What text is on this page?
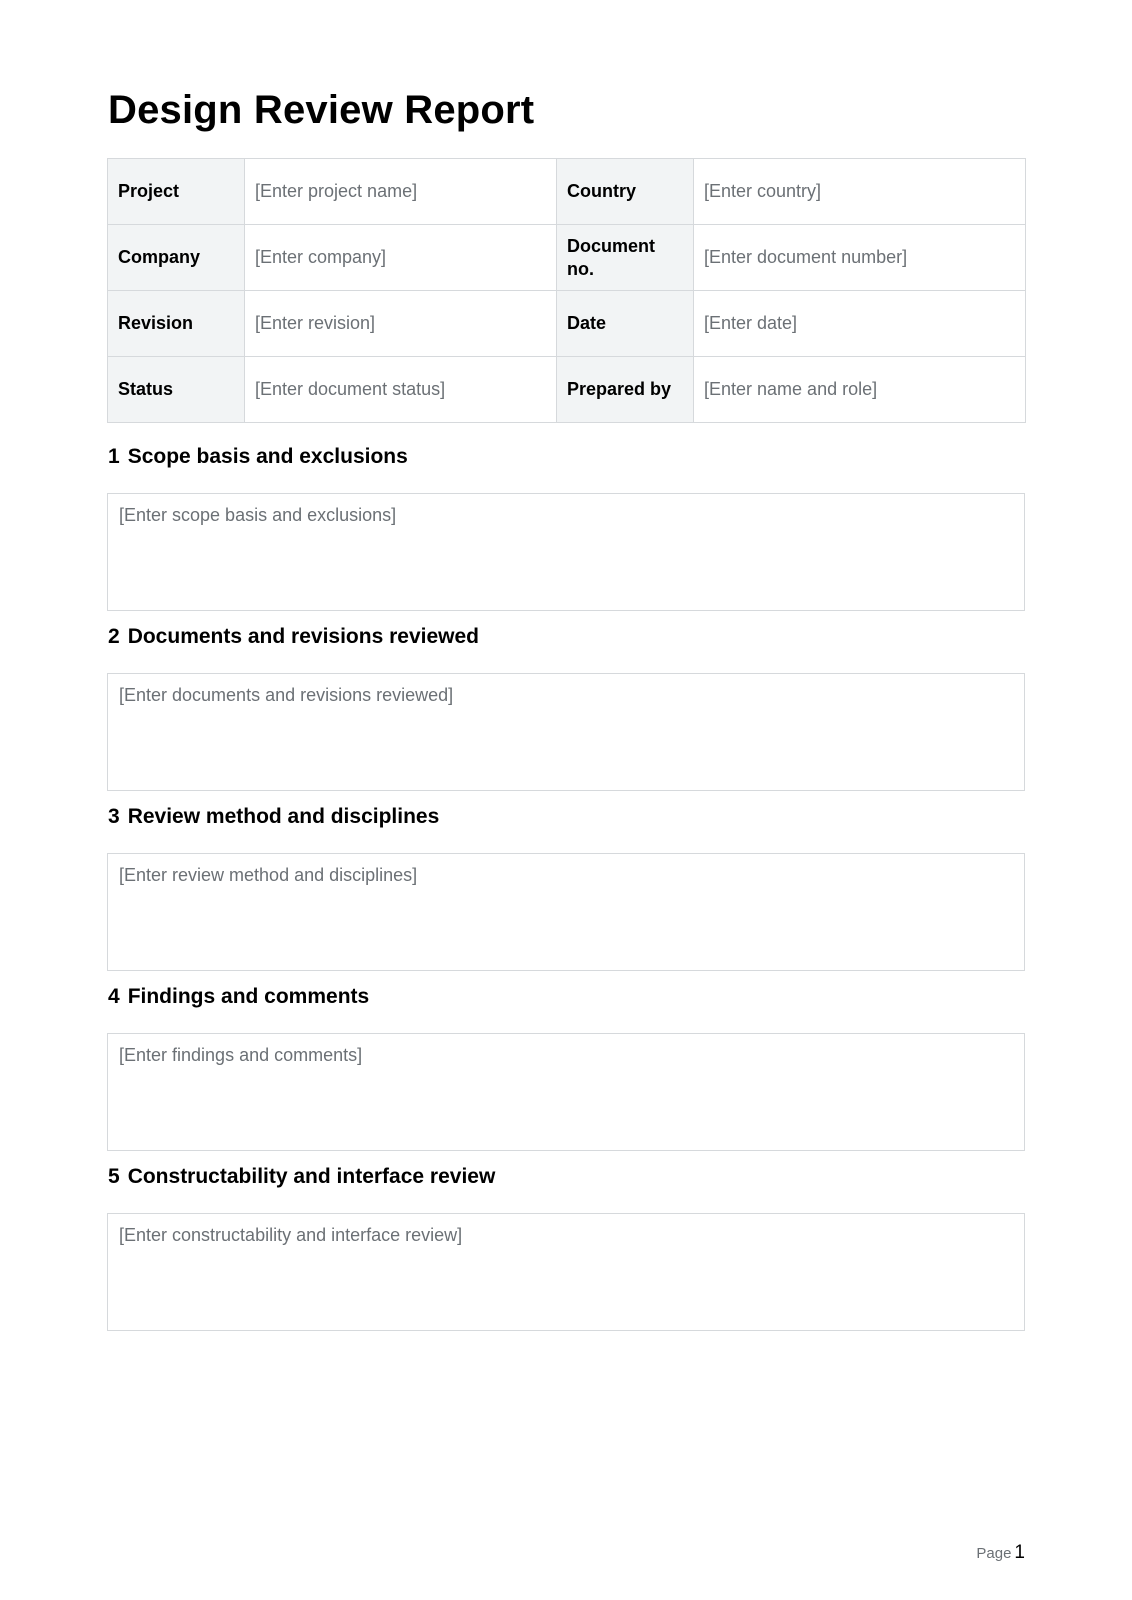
Design Review Report
Project	[Enter project name]	Country	[Enter country]
Company	[Enter company]	Document no.	[Enter document number]
Revision	[Enter revision]	Date	[Enter date]
Status	[Enter document status]	Prepared by	[Enter name and role]
1 Scope basis and exclusions
[Enter scope basis and exclusions]
2 Documents and revisions reviewed
[Enter documents and revisions reviewed]
3 Review method and disciplines
[Enter review method and disciplines]
4 Findings and comments
[Enter findings and comments]
5 Constructability and interface review
[Enter constructability and interface review]
Page 1
